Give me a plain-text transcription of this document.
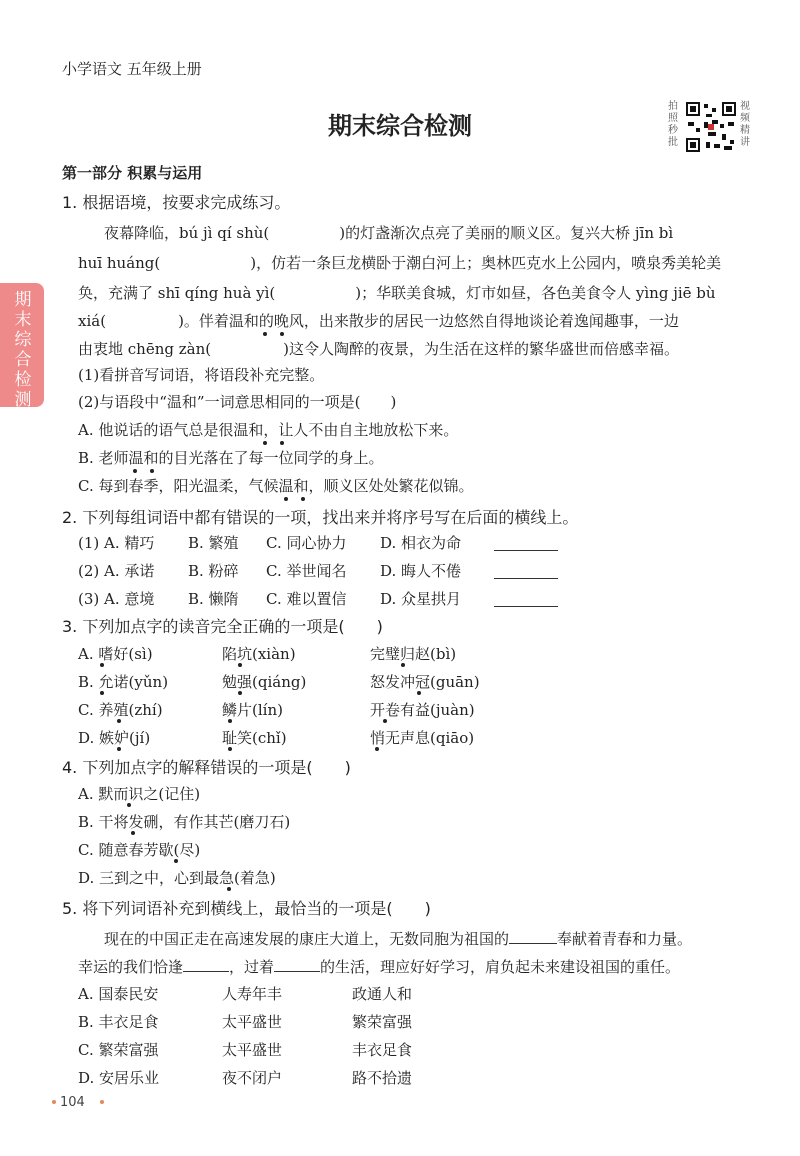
小学语文 五年级上册
期末综合检测
拍照秒批
视频精讲
期末综合检测
第一部分 积累与运用
1. 根据语境，按要求完成练习。
夜幕降临，bú jì qí shù(	)的灯盏渐次点亮了美丽的顺义区。复兴大桥 jīn bì
huī huáng(	)，仿若一条巨龙横卧于潮白河上；奥林匹克水上公园内，喷泉秀美轮美
奂，充满了 shī qíng huà yì(	)；华联美食城，灯市如昼，各色美食令人 yìng jiē bù
xiá(	)。伴着温和的晚风，出来散步的居民一边悠然自得地谈论着逸闻趣事，一边
由衷地 chēng zàn(	)这令人陶醉的夜景，为生活在这样的繁华盛世而倍感幸福。
(1)看拼音写词语，将语段补充完整。
(2)与语段中“温和”一词意思相同的一项是(　　)
A. 他说话的语气总是很温和，让人不由自主地放松下来。
B. 老师温和的目光落在了每一位同学的身上。
C. 每到春季，阳光温柔，气候温和，顺义区处处繁花似锦。
2. 下列每组词语中都有错误的一项，找出来并将序号写在后面的横线上。
(1) A. 精巧 B. 繁殖 C. 同心协力 D. 相衣为命
(2) A. 承诺 B. 粉碎 C. 举世闻名 D. 晦人不倦
(3) A. 意境 B. 懒隋 C. 难以置信 D. 众星拱月
3. 下列加点字的读音完全正确的一项是(　　)
A. 嗜好(sì)	陷坑(xiàn)	完璧归赵(bì)
B. 允诺(yǔn)	勉强(qiáng)	怒发冲冠(guān)
C. 养殖(zhí)	鳞片(lín)	开卷有益(juàn)
D. 嫉妒(jí)	耻笑(chǐ)	悄无声息(qiāo)
4. 下列加点字的解释错误的一项是(　　)
A. 默而识之(记住)
B. 干将发硎，有作其芒(磨刀石)
C. 随意春芳歇(尽)
D. 三到之中，心到最急(着急)
5. 将下列词语补充到横线上，最恰当的一项是(　　)
现在的中国正走在高速发展的康庄大道上，无数同胞为祖国的	奉献着青春和力量。
幸运的我们恰逢	，过着	的生活，理应好好学习，肩负起未来建设祖国的重任。
A. 国泰民安	人寿年丰	政通人和
B. 丰衣足食	太平盛世	繁荣富强
C. 繁荣富强	太平盛世	丰衣足食
D. 安居乐业	夜不闭户	路不拾遗
104
